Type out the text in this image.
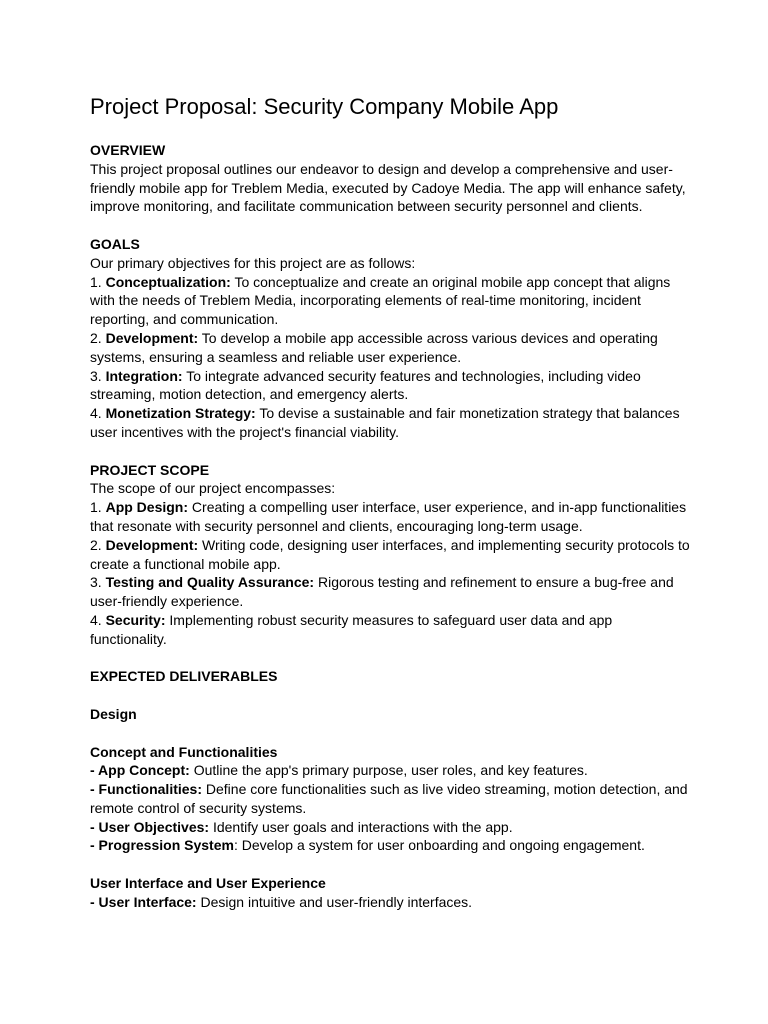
Project Proposal: Security Company Mobile App
OVERVIEW
This project proposal outlines our endeavor to design and develop a comprehensive and user-friendly mobile app for Treblem Media, executed by Cadoye Media. The app will enhance safety, improve monitoring, and facilitate communication between security personnel and clients.
GOALS
Our primary objectives for this project are as follows:
1. Conceptualization: To conceptualize and create an original mobile app concept that aligns with the needs of Treblem Media, incorporating elements of real-time monitoring, incident reporting, and communication.
2. Development: To develop a mobile app accessible across various devices and operating systems, ensuring a seamless and reliable user experience.
3. Integration: To integrate advanced security features and technologies, including video streaming, motion detection, and emergency alerts.
4. Monetization Strategy: To devise a sustainable and fair monetization strategy that balances user incentives with the project's financial viability.
PROJECT SCOPE
The scope of our project encompasses:
1. App Design: Creating a compelling user interface, user experience, and in-app functionalities that resonate with security personnel and clients, encouraging long-term usage.
2. Development: Writing code, designing user interfaces, and implementing security protocols to create a functional mobile app.
3. Testing and Quality Assurance: Rigorous testing and refinement to ensure a bug-free and user-friendly experience.
4. Security: Implementing robust security measures to safeguard user data and app functionality.
EXPECTED DELIVERABLES
Design
Concept and Functionalities
- App Concept: Outline the app's primary purpose, user roles, and key features.
- Functionalities: Define core functionalities such as live video streaming, motion detection, and remote control of security systems.
- User Objectives: Identify user goals and interactions with the app.
- Progression System: Develop a system for user onboarding and ongoing engagement.
User Interface and User Experience
- User Interface: Design intuitive and user-friendly interfaces.
